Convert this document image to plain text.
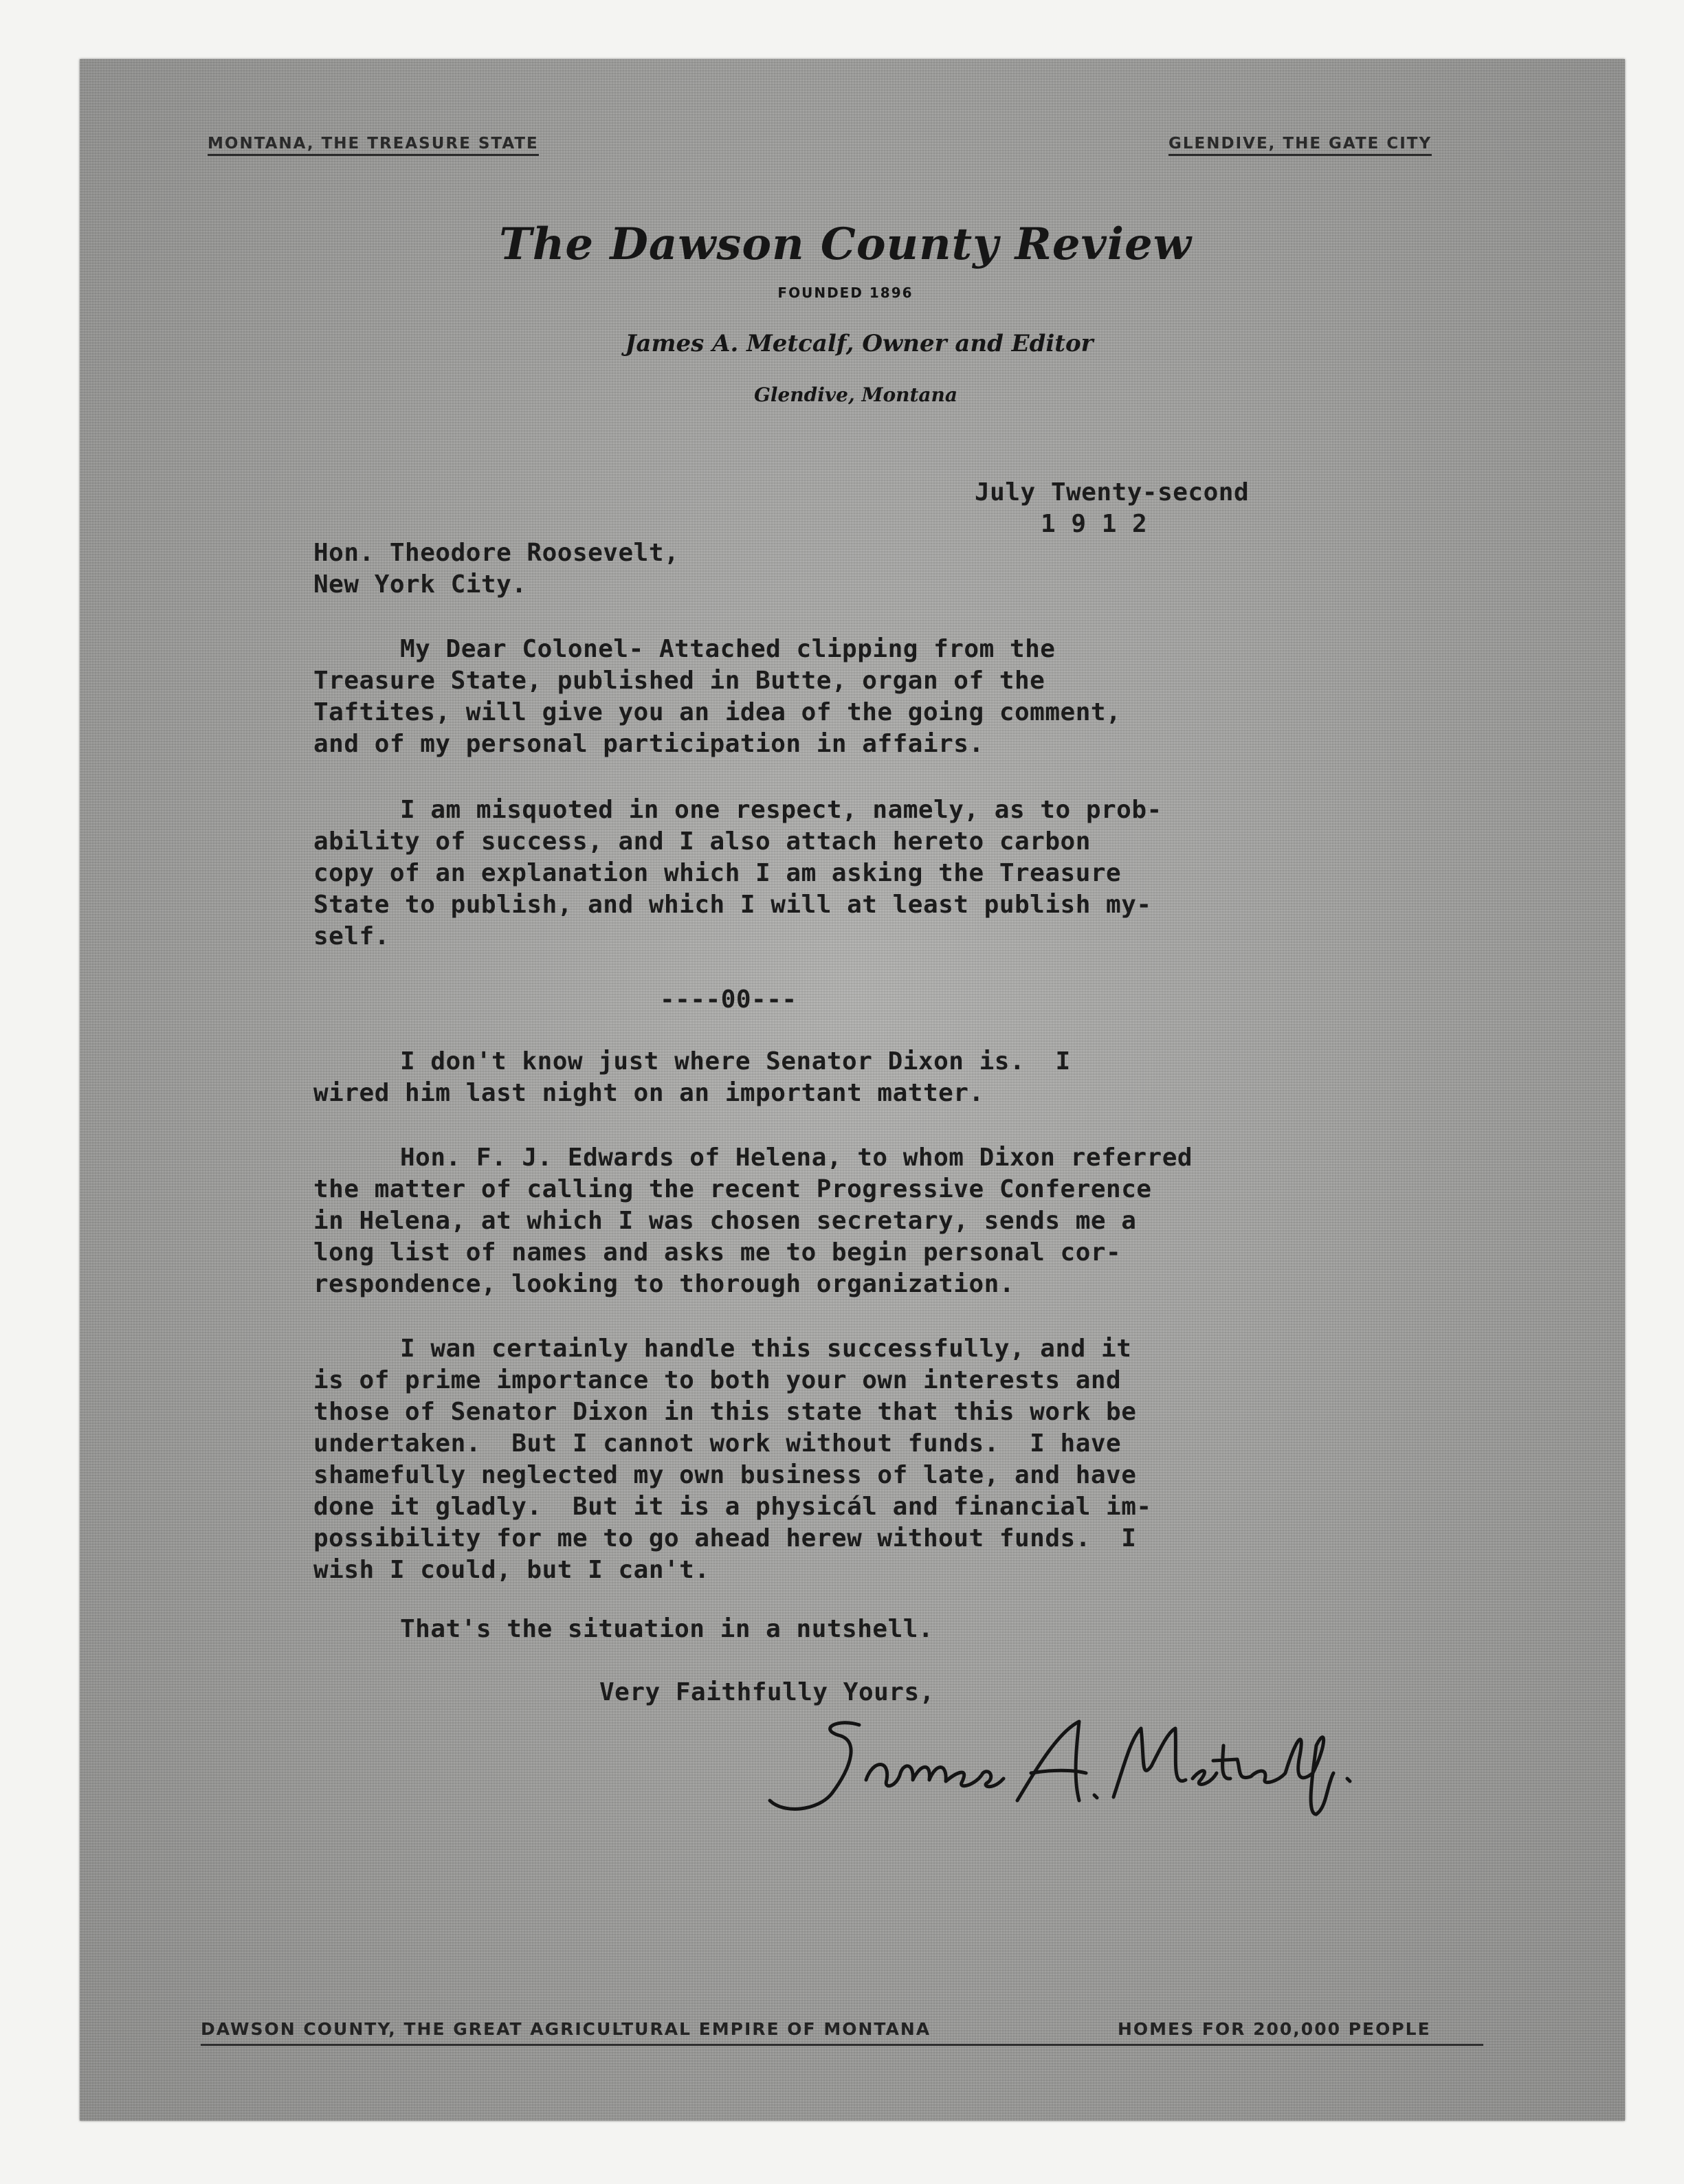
MONTANA, THE TREASURE STATE	GLENDIVE, THE GATE CITY
The Dawson County Review
FOUNDED 1896
James A. Metcalf, Owner and Editor
Glendive, Montana
July Twenty-second
1 9 1 2
Hon. Theodore Roosevelt,
New York City.
My Dear Colonel- Attached clipping from the
Treasure State, published in Butte, organ of the
Taftites, will give you an idea of the going comment,
and of my personal participation in affairs.
I am misquoted in one respect, namely, as to prob-
ability of success, and I also attach hereto carbon
copy of an explanation which I am asking the Treasure
State to publish, and which I will at least publish my-
self.
----00---
I don't know just where Senator Dixon is.  I
wired him last night on an important matter.
Hon. F. J. Edwards of Helena, to whom Dixon referred
the matter of calling the recent Progressive Conference
in Helena, at which I was chosen secretary, sends me a
long list of names and asks me to begin personal cor-
respondence, looking to thorough organization.
I wan certainly handle this successfully, and it
is of prime importance to both your own interests and
those of Senator Dixon in this state that this work be
undertaken.  But I cannot work without funds.  I have
shamefully neglected my own business of late, and have
done it gladly.  But it is a physicál and financial im-
possibility for me to go ahead herew without funds.  I
wish I could, but I can't.
That's the situation in a nutshell.
Very Faithfully Yours,
DAWSON COUNTY, THE GREAT AGRICULTURAL EMPIRE OF MONTANA	HOMES FOR 200,000 PEOPLE
